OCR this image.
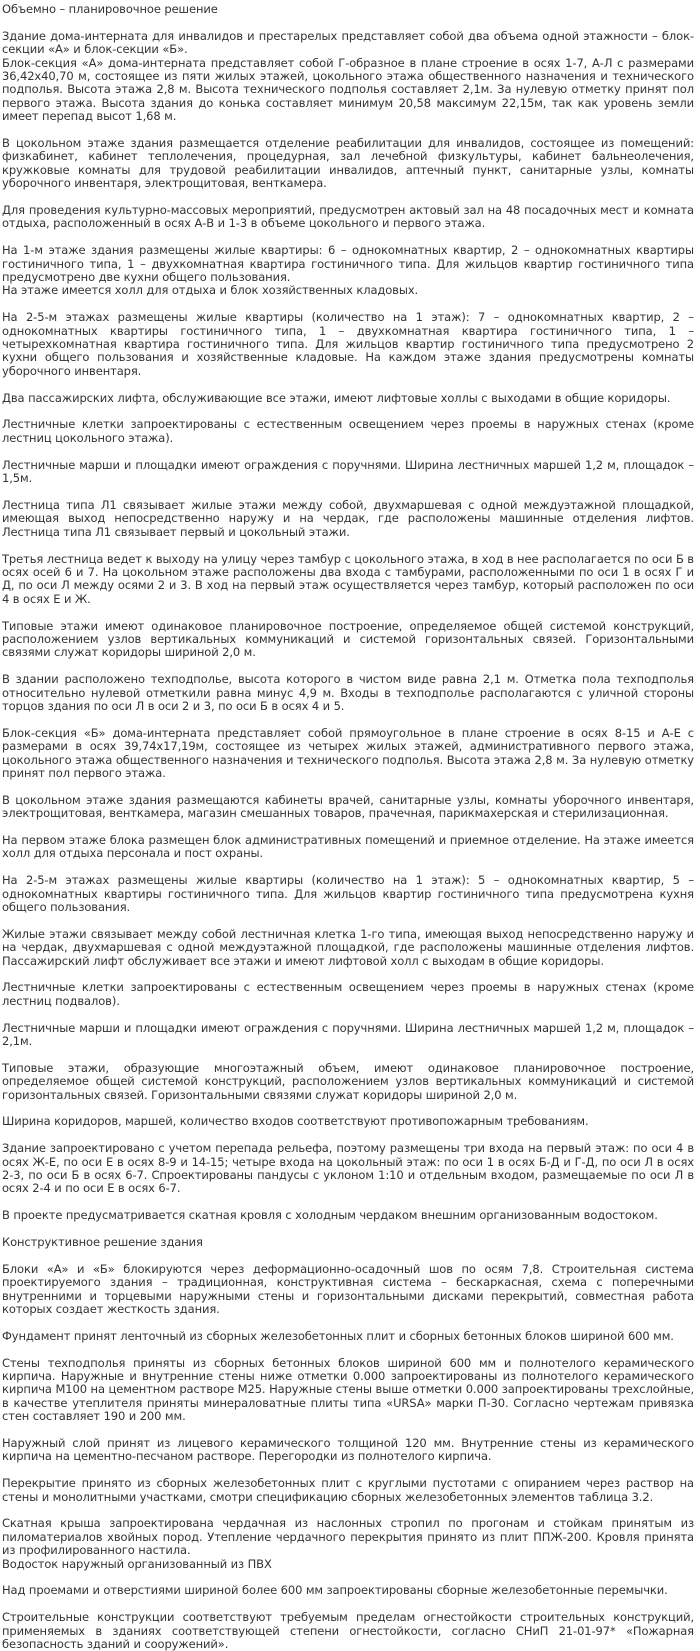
Объемно – планировочное решение

Здание дома-интерната для инвалидов и престарелых представляет собой два объема одной этажности – блок-секции «А» и блок-секции «Б».

Блок-секция «А» дома-интерната представляет собой Г-образное в плане строение в осях 1-7, А-Л с размерами 36,42х40,70 м, состоящее из пяти жилых этажей, цокольного этажа общественного назначения и технического подполья. Высота этажа 2,8 м. Высота технического подполья составляет 2,1м. За нулевую отметку принят пол первого этажа. Высота здания до конька составляет минимум 20,58 максимум 22,15м, так как уровень земли имеет перепад высот 1,68 м.

В цокольном этаже здания размещается отделение реабилитации для инвалидов, состоящее из помещений: физкабинет, кабинет теплолечения, процедурная, зал лечебной физкультуры, кабинет бальнеолечения, кружковые комнаты для трудовой реабилитации инвалидов, аптечный пункт, санитарные узлы, комнаты уборочного инвентаря, электрощитовая, венткамера.

Для проведения культурно-массовых мероприятий, предусмотрен актовый зал на 48 посадочных мест и комната отдыха, расположенный в осях А-В и 1-3 в объеме цокольного и первого этажа.

На 1-м этаже здания размещены жилые квартиры: 6 – однокомнатных квартир, 2 – однокомнатных квартиры гостиничного типа, 1 – двухкомнатная квартира гостиничного типа. Для жильцов квартир гостиничного типа предусмотрено две кухни общего пользования.

На этаже имеется холл для отдыха и блок хозяйственных кладовых.

На 2-5-м этажах размещены жилые квартиры (количество на 1 этаж): 7 – однокомнатных квартир, 2 – однокомнатных квартиры гостиничного типа, 1 – двухкомнатная квартира гостиничного типа, 1 – четырехкомнатная квартира гостиничного типа. Для жильцов квартир гостиничного типа предусмотрено 2 кухни общего пользования и хозяйственные кладовые. На каждом этаже здания предусмотрены комнаты уборочного инвентаря.

Два пассажирских лифта, обслуживающие все этажи, имеют лифтовые холлы с выходами в общие коридоры.

Лестничные клетки запроектированы с естественным освещением через проемы в наружных стенах (кроме лестниц цокольного этажа).

Лестничные марши и площадки имеют ограждения с поручнями. Ширина лестничных маршей 1,2 м, площадок – 1,5м.

Лестница типа Л1 связывает жилые этажи между собой, двухмаршевая с одной междуэтажной площадкой, имеющая выход непосредственно наружу и на чердак, где расположены машинные отделения лифтов. Лестница типа Л1 связывает первый и цокольный этажи.

Третья лестница ведет к выходу на улицу через тамбур с цокольного этажа, в ход в нее располагается по оси Б в осях осей 6 и 7. На цокольном этаже расположены два входа с тамбурами, расположенными по оси 1 в осях Г и Д, по оси Л между осями 2 и 3. В ход на первый этаж осуществляется через тамбур, который расположен по оси 4 в осях Е и Ж.

Типовые этажи имеют одинаковое планировочное построение, определяемое общей системой конструкций, расположением узлов вертикальных коммуникаций и системой горизонтальных связей. Горизонтальными связями служат коридоры шириной 2,0 м.

В здании расположено техподполье, высота которого в чистом виде равна 2,1 м. Отметка пола техподполья относительно нулевой отметкили равна минус 4,9 м. Входы в техподполье располагаются с уличной стороны торцов здания по оси Л в оси 2 и 3, по оси Б в осях 4 и 5.

Блок-секция «Б» дома-интерната представляет собой прямоугольное в плане строение в осях 8-15 и А-Е с размерами в осях 39,74х17,19м, состоящее из четырех жилых этажей, административного первого этажа, цокольного этажа общественного назначения и технического подполья. Высота этажа 2,8 м. За нулевую отметку принят пол первого этажа.

В цокольном этаже здания размещаются кабинеты врачей, санитарные узлы, комнаты уборочного инвентаря, электрощитовая, венткамера, магазин смешанных товаров, прачечная, парикмахерская и стерилизационная.

На первом этаже блока размещен блок административных помещений и приемное отделение. На этаже имеется холл для отдыха персонала и пост охраны.

На 2-5-м этажах размещены жилые квартиры (количество на 1 этаж): 5 – однокомнатных квартир, 5 – однокомнатных квартиры гостиничного типа. Для жильцов квартир гостиничного типа предусмотрена кухня общего пользования.

Жилые этажи связывает между собой лестничная клетка 1-го типа, имеющая выход непосредственно наружу и на чердак, двухмаршевая с одной междуэтажной площадкой, где расположены машинные отделения лифтов. Пассажирский лифт обслуживает все этажи и имеют лифтовой холл с выходам в общие коридоры.

Лестничные клетки запроектированы с естественным освещением через проемы в наружных стенах (кроме лестниц подвалов).

Лестничные марши и площадки имеют ограждения с поручнями. Ширина лестничных маршей 1,2 м, площадок – 2,1м.

Типовые этажи, образующие многоэтажный объем, имеют одинаковое планировочное построение, определяемое общей системой конструкций, расположением узлов вертикальных коммуникаций и системой горизонтальных связей. Горизонтальными связями служат коридоры шириной 2,0 м.

Ширина коридоров, маршей, количество входов соответствуют противопожарным требованиям.

Здание запроектировано с учетом перепада рельефа, поэтому размещены три входа на первый этаж: по оси 4 в осях Ж-Е, по оси Е в осях 8-9 и 14-15; четыре входа на цокольный этаж: по оси 1 в осях Б-Д и Г-Д, по оси Л в осях 2-3, по оси Б в осях 6-7. Спроектированы пандусы с уклоном 1:10 и отдельным входом, размещаемые по оси Л в осях 2-4 и по оси Е в осях 6-7.

В проекте предусматривается скатная кровля с холодным чердаком внешним организованным водостоком.

Конструктивное решение здания

Блоки «А» и «Б» блокируются через деформационно-осадочный шов по осям 7,8. Строительная система проектируемого здания – традиционная, конструктивная система – бескаркасная, схема с поперечными внутренними и торцевыми наружными стены и горизонтальными дисками перекрытий, совместная работа которых создает жесткость здания.

Фундамент принят ленточный из сборных железобетонных плит и сборных бетонных блоков шириной 600 мм.

Стены техподполья приняты из сборных бетонных блоков шириной 600 мм и полнотелого керамического кирпича. Наружные и внутренние стены ниже отметки 0.000 запроектированы из полнотелого керамического кирпича М100 на цементном растворе М25. Наружные стены выше отметки 0.000 запроектированы трехслойные, в качестве утеплителя приняты минераловатные плиты типа «URSA» марки П-30. Согласно чертежам привязка стен составляет 190 и 200 мм.

Наружный слой принят из лицевого керамического толщиной 120 мм. Внутренние стены из керамического кирпича на цементно-песчаном растворе. Перегородки из полнотелого кирпича.

Перекрытие принято из сборных железобетонных плит с круглыми пустотами с опиранием через раствор на стены и монолитными участками, смотри спецификацию сборных железобетонных элементов таблица 3.2.

Скатная крыша запроектирована чердачная из наслонных стропил по прогонам и стойкам принятым из пиломатериалов хвойных пород. Утепление чердачного перекрытия принято из плит ППЖ-200. Кровля принята из профилированного настила.

Водосток наружный организованный из ПВХ

Над проемами и отверстиями шириной более 600 мм запроектированы сборные железобетонные перемычки.

Строительные конструкции соответствуют требуемым пределам огнестойкости строительных конструкций, применяемых в зданиях соответствующей степени огнестойкости, согласно СНиП 21-01-97* «Пожарная безопасность зданий и сооружений».
